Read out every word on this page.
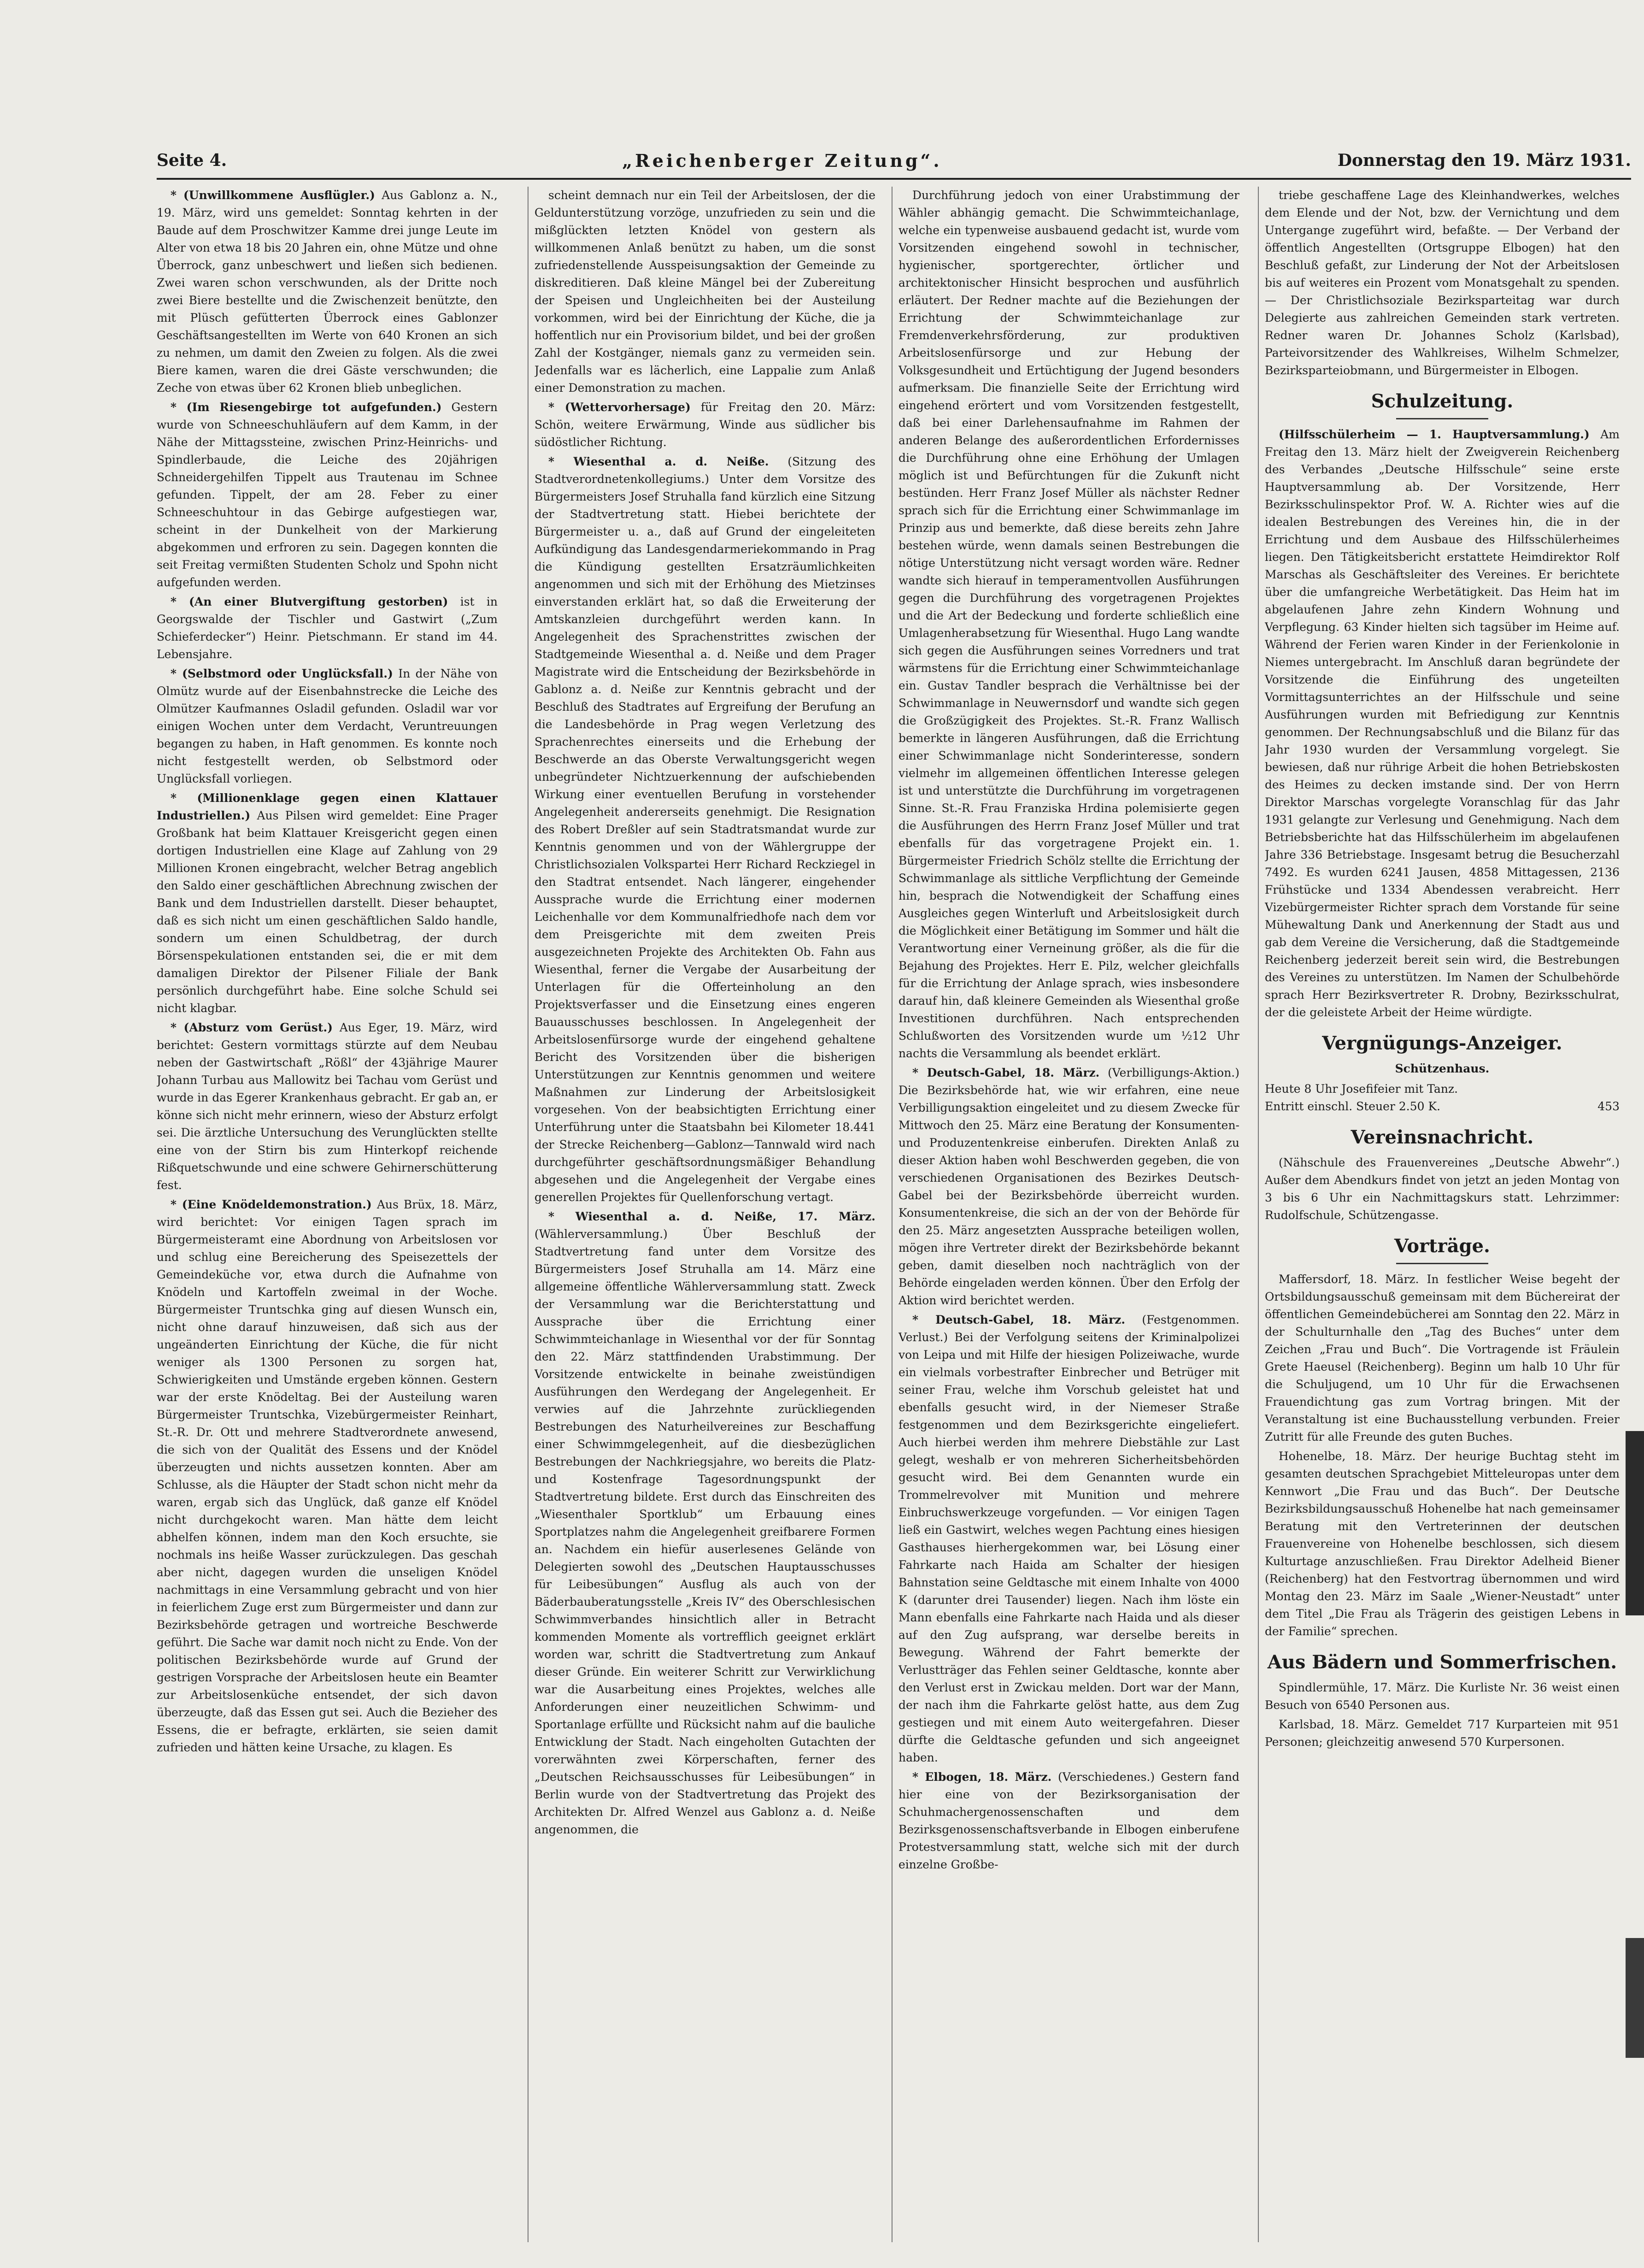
Seite 4.	„Reichenberger Zeitung“.	Donnerstag den 19. März 1931.

* (Unwillkommene Ausflügler.) Aus Gablonz a. N., 19. März, wird uns gemeldet: Sonntag kehrten in der Baude auf dem Proschwitzer Kamme drei junge Leute im Alter von etwa 18 bis 20 Jahren ein, ohne Mütze und ohne Überrock, ganz unbeschwert und ließen sich bedienen. Zwei waren schon verschwunden, als der Dritte noch zwei Biere bestellte und die Zwischenzeit benützte, den mit Plüsch gefütterten Überrock eines Gablonzer Geschäftsangestellten im Werte von 640 Kronen an sich zu nehmen, um damit den Zweien zu folgen. Als die zwei Biere kamen, waren die drei Gäste verschwunden; die Zeche von etwas über 62 Kronen blieb unbeglichen.

* (Im Riesengebirge tot aufgefunden.) Gestern wurde von Schneeschuhläufern auf dem Kamm, in der Nähe der Mittagssteine, zwischen Prinz-Heinrichs- und Spindlerbaude, die Leiche des 20jährigen Schneidergehilfen Tippelt aus Trautenau im Schnee gefunden. Tippelt, der am 28. Feber zu einer Schneeschuhtour in das Gebirge aufgestiegen war, scheint in der Dunkelheit von der Markierung abgekommen und erfroren zu sein. Dagegen konnten die seit Freitag vermißten Studenten Scholz und Spohn nicht aufgefunden werden.

* (An einer Blutvergiftung gestorben) ist in Georgswalde der Tischler und Gastwirt („Zum Schieferdecker“) Heinr. Pietschmann. Er stand im 44. Lebensjahre.

* (Selbstmord oder Unglücksfall.) In der Nähe von Olmütz wurde auf der Eisenbahnstrecke die Leiche des Olmützer Kaufmannes Osladil gefunden. Osladil war vor einigen Wochen unter dem Verdacht, Veruntreuungen begangen zu haben, in Haft genommen. Es konnte noch nicht festgestellt werden, ob Selbstmord oder Unglücksfall vorliegen.

* (Millionenklage gegen einen Klattauer Industriellen.) Aus Pilsen wird gemeldet: Eine Prager Großbank hat beim Klattauer Kreisgericht gegen einen dortigen Industriellen eine Klage auf Zahlung von 29 Millionen Kronen eingebracht, welcher Betrag angeblich den Saldo einer geschäftlichen Abrechnung zwischen der Bank und dem Industriellen darstellt. Dieser behauptet, daß es sich nicht um einen geschäftlichen Saldo handle, sondern um einen Schuldbetrag, der durch Börsenspekulationen entstanden sei, die er mit dem damaligen Direktor der Pilsener Filiale der Bank persönlich durchgeführt habe. Eine solche Schuld sei nicht klagbar.

* (Absturz vom Gerüst.) Aus Eger, 19. März, wird berichtet: Gestern vormittags stürzte auf dem Neubau neben der Gastwirtschaft „Rößl“ der 43jährige Maurer Johann Turbau aus Mallowitz bei Tachau vom Gerüst und wurde in das Egerer Krankenhaus gebracht. Er gab an, er könne sich nicht mehr erinnern, wieso der Absturz erfolgt sei. Die ärztliche Untersuchung des Verunglückten stellte eine von der Stirn bis zum Hinterkopf reichende Rißquetschwunde und eine schwere Gehirnerschütterung fest.

* (Eine Knödeldemonstration.) Aus Brüx, 18. März, wird berichtet: Vor einigen Tagen sprach im Bürgermeisteramt eine Abordnung von Arbeitslosen vor und schlug eine Bereicherung des Speisezettels der Gemeindeküche vor, etwa durch die Aufnahme von Knödeln und Kartoffeln zweimal in der Woche. Bürgermeister Truntschka ging auf diesen Wunsch ein, nicht ohne darauf hinzuweisen, daß sich aus der ungeänderten Einrichtung der Küche, die für nicht weniger als 1300 Personen zu sorgen hat, Schwierigkeiten und Umstände ergeben können. Gestern war der erste Knödeltag. Bei der Austeilung waren Bürgermeister Truntschka, Vizebürgermeister Reinhart, St.-R. Dr. Ott und mehrere Stadtverordnete anwesend, die sich von der Qualität des Essens und der Knödel überzeugten und nichts aussetzen konnten. Aber am Schlusse, als die Häupter der Stadt schon nicht mehr da waren, ergab sich das Unglück, daß ganze elf Knödel nicht durchgekocht waren. Man hätte dem leicht abhelfen können, indem man den Koch ersuchte, sie nochmals ins heiße Wasser zurückzulegen. Das geschah aber nicht, dagegen wurden die unseligen Knödel nachmittags in eine Versammlung gebracht und von hier in feierlichem Zuge erst zum Bürgermeister und dann zur Bezirksbehörde getragen und wortreiche Beschwerde geführt. Die Sache war damit noch nicht zu Ende. Von der politischen Bezirksbehörde wurde auf Grund der gestrigen Vorsprache der Arbeitslosen heute ein Beamter zur Arbeitslosenküche entsendet, der sich davon überzeugte, daß das Essen gut sei. Auch die Bezieher des Essens, die er befragte, erklärten, sie seien damit zufrieden und hätten keine Ursache, zu klagen. Es

scheint demnach nur ein Teil der Arbeitslosen, der die Geldunterstützung vorzöge, unzufrieden zu sein und die mißglückten letzten Knödel von gestern als willkommenen Anlaß benützt zu haben, um die sonst zufriedenstellende Ausspeisungsaktion der Gemeinde zu diskreditieren. Daß kleine Mängel bei der Zubereitung der Speisen und Ungleichheiten bei der Austeilung vorkommen, wird bei der Einrichtung der Küche, die ja hoffentlich nur ein Provisorium bildet, und bei der großen Zahl der Kostgänger, niemals ganz zu vermeiden sein. Jedenfalls war es lächerlich, eine Lappalie zum Anlaß einer Demonstration zu machen.

* (Wettervorhersage) für Freitag den 20. März: Schön, weitere Erwärmung, Winde aus südlicher bis südöstlicher Richtung.

* Wiesenthal a. d. Neiße. (Sitzung des Stadtverordnetenkollegiums.) Unter dem Vorsitze des Bürgermeisters Josef Struhalla fand kürzlich eine Sitzung der Stadtvertretung statt. Hiebei berichtete der Bürgermeister u. a., daß auf Grund der eingeleiteten Aufkündigung das Landesgendarmeriekommando in Prag die Kündigung gestellten Ersatzräumlichkeiten angenommen und sich mit der Erhöhung des Mietzinses einverstanden erklärt hat, so daß die Erweiterung der Amtskanzleien durchgeführt werden kann. In Angelegenheit des Sprachenstrittes zwischen der Stadtgemeinde Wiesenthal a. d. Neiße und dem Prager Magistrate wird die Entscheidung der Bezirksbehörde in Gablonz a. d. Neiße zur Kenntnis gebracht und der Beschluß des Stadtrates auf Ergreifung der Berufung an die Landesbehörde in Prag wegen Verletzung des Sprachenrechtes einerseits und die Erhebung der Beschwerde an das Oberste Verwaltungsgericht wegen unbegründeter Nichtzuerkennung der aufschiebenden Wirkung einer eventuellen Berufung in vorstehender Angelegenheit andererseits genehmigt. Die Resignation des Robert Dreßler auf sein Stadtratsmandat wurde zur Kenntnis genommen und von der Wählergruppe der Christlichsozialen Volkspartei Herr Richard Reckziegel in den Stadtrat entsendet. Nach längerer, eingehender Aussprache wurde die Errichtung einer modernen Leichenhalle vor dem Kommunalfriedhofe nach dem vor dem Preisgerichte mit dem zweiten Preis ausgezeichneten Projekte des Architekten Ob. Fahn aus Wiesenthal, ferner die Vergabe der Ausarbeitung der Unterlagen für die Offerteinholung an den Projektsverfasser und die Einsetzung eines engeren Bauausschusses beschlossen. In Angelegenheit der Arbeitslosenfürsorge wurde der eingehend gehaltene Bericht des Vorsitzenden über die bisherigen Unterstützungen zur Kenntnis genommen und weitere Maßnahmen zur Linderung der Arbeitslosigkeit vorgesehen. Von der beabsichtigten Errichtung einer Unterführung unter die Staatsbahn bei Kilometer 18.441 der Strecke Reichenberg—Gablonz—Tannwald wird nach durchgeführter geschäftsordnungsmäßiger Behandlung abgesehen und die Angelegenheit der Vergabe eines generellen Projektes für Quellenforschung vertagt.

* Wiesenthal a. d. Neiße, 17. März. (Wählerversammlung.) Über Beschluß der Stadtvertretung fand unter dem Vorsitze des Bürgermeisters Josef Struhalla am 14. März eine allgemeine öffentliche Wählerversammlung statt. Zweck der Versammlung war die Berichterstattung und Aussprache über die Errichtung einer Schwimmteichanlage in Wiesenthal vor der für Sonntag den 22. März stattfindenden Urabstimmung. Der Vorsitzende entwickelte in beinahe zweistündigen Ausführungen den Werdegang der Angelegenheit. Er verwies auf die Jahrzehnte zurückliegenden Bestrebungen des Naturheilvereines zur Beschaffung einer Schwimmgelegenheit, auf die diesbezüglichen Bestrebungen der Nachkriegsjahre, wo bereits die Platz- und Kostenfrage Tagesordnungspunkt der Stadtvertretung bildete. Erst durch das Einschreiten des „Wiesenthaler Sportklub“ um Erbauung eines Sportplatzes nahm die Angelegenheit greifbarere Formen an. Nachdem ein hiefür auserlesenes Gelände von Delegierten sowohl des „Deutschen Hauptausschusses für Leibesübungen“ Ausflug als auch von der Bäderbauberatungsstelle „Kreis IV“ des Oberschlesischen Schwimmverbandes hinsichtlich aller in Betracht kommenden Momente als vortrefflich geeignet erklärt worden war, schritt die Stadtvertretung zum Ankauf dieser Gründe. Ein weiterer Schritt zur Verwirklichung war die Ausarbeitung eines Projektes, welches alle Anforderungen einer neuzeitlichen Schwimm- und Sportanlage erfüllte und Rücksicht nahm auf die bauliche Entwicklung der Stadt. Nach eingeholten Gutachten der vorerwähnten zwei Körperschaften, ferner des „Deutschen Reichsausschusses für Leibesübungen“ in Berlin wurde von der Stadtvertretung das Projekt des Architekten Dr. Alfred Wenzel aus Gablonz a. d. Neiße angenommen, die

Durchführung jedoch von einer Urabstimmung der Wähler abhängig gemacht. Die Schwimmteichanlage, welche ein typenweise ausbauend gedacht ist, wurde vom Vorsitzenden eingehend sowohl in technischer, hygienischer, sportgerechter, örtlicher und architektonischer Hinsicht besprochen und ausführlich erläutert. Der Redner machte auf die Beziehungen der Errichtung der Schwimmteichanlage zur Fremdenverkehrsförderung, zur produktiven Arbeitslosenfürsorge und zur Hebung der Volksgesundheit und Ertüchtigung der Jugend besonders aufmerksam. Die finanzielle Seite der Errichtung wird eingehend erörtert und vom Vorsitzenden festgestellt, daß bei einer Darlehensaufnahme im Rahmen der anderen Belange des außerordentlichen Erfordernisses die Durchführung ohne eine Erhöhung der Umlagen möglich ist und Befürchtungen für die Zukunft nicht bestünden. Herr Franz Josef Müller als nächster Redner sprach sich für die Errichtung einer Schwimmanlage im Prinzip aus und bemerkte, daß diese bereits zehn Jahre bestehen würde, wenn damals seinen Bestrebungen die nötige Unterstützung nicht versagt worden wäre. Redner wandte sich hierauf in temperamentvollen Ausführungen gegen die Durchführung des vorgetragenen Projektes und die Art der Bedeckung und forderte schließlich eine Umlagenherabsetzung für Wiesenthal. Hugo Lang wandte sich gegen die Ausführungen seines Vorredners und trat wärmstens für die Errichtung einer Schwimmteichanlage ein. Gustav Tandler besprach die Verhältnisse bei der Schwimmanlage in Neuwernsdorf und wandte sich gegen die Großzügigkeit des Projektes. St.-R. Franz Wallisch bemerkte in längeren Ausführungen, daß die Errichtung einer Schwimmanlage nicht Sonderinteresse, sondern vielmehr im allgemeinen öffentlichen Interesse gelegen ist und unterstützte die Durchführung im vorgetragenen Sinne. St.-R. Frau Franziska Hrdina polemisierte gegen die Ausführungen des Herrn Franz Josef Müller und trat ebenfalls für das vorgetragene Projekt ein. 1. Bürgermeister Friedrich Schölz stellte die Errichtung der Schwimmanlage als sittliche Verpflichtung der Gemeinde hin, besprach die Notwendigkeit der Schaffung eines Ausgleiches gegen Winterluft und Arbeitslosigkeit durch die Möglichkeit einer Betätigung im Sommer und hält die Verantwortung einer Verneinung größer, als die für die Bejahung des Projektes. Herr E. Pilz, welcher gleichfalls für die Errichtung der Anlage sprach, wies insbesondere darauf hin, daß kleinere Gemeinden als Wiesenthal große Investitionen durchführen. Nach entsprechenden Schlußworten des Vorsitzenden wurde um ½12 Uhr nachts die Versammlung als beendet erklärt.

* Deutsch-Gabel, 18. März. (Verbilligungs-Aktion.) Die Bezirksbehörde hat, wie wir erfahren, eine neue Verbilligungsaktion eingeleitet und zu diesem Zwecke für Mittwoch den 25. März eine Beratung der Konsumenten- und Produzentenkreise einberufen. Direkten Anlaß zu dieser Aktion haben wohl Beschwerden gegeben, die von verschiedenen Organisationen des Bezirkes Deutsch-Gabel bei der Bezirksbehörde überreicht wurden. Konsumentenkreise, die sich an der von der Behörde für den 25. März angesetzten Aussprache beteiligen wollen, mögen ihre Vertreter direkt der Bezirksbehörde bekannt geben, damit dieselben noch nachträglich von der Behörde eingeladen werden können. Über den Erfolg der Aktion wird berichtet werden.

* Deutsch-Gabel, 18. März. (Festgenommen. Verlust.) Bei der Verfolgung seitens der Kriminalpolizei von Leipa und mit Hilfe der hiesigen Polizeiwache, wurde ein vielmals vorbestrafter Einbrecher und Betrüger mit seiner Frau, welche ihm Vorschub geleistet hat und ebenfalls gesucht wird, in der Niemeser Straße festgenommen und dem Bezirksgerichte eingeliefert. Auch hierbei werden ihm mehrere Diebstähle zur Last gelegt, weshalb er von mehreren Sicherheitsbehörden gesucht wird. Bei dem Genannten wurde ein Trommelrevolver mit Munition und mehrere Einbruchswerkzeuge vorgefunden. — Vor einigen Tagen ließ ein Gastwirt, welches wegen Pachtung eines hiesigen Gasthauses hierhergekommen war, bei Lösung einer Fahrkarte nach Haida am Schalter der hiesigen Bahnstation seine Geldtasche mit einem Inhalte von 4000 K (darunter drei Tausender) liegen. Nach ihm löste ein Mann ebenfalls eine Fahrkarte nach Haida und als dieser auf den Zug aufsprang, war derselbe bereits in Bewegung. Während der Fahrt bemerkte der Verlustträger das Fehlen seiner Geldtasche, konnte aber den Verlust erst in Zwickau melden. Dort war der Mann, der nach ihm die Fahrkarte gelöst hatte, aus dem Zug gestiegen und mit einem Auto weitergefahren. Dieser dürfte die Geldtasche gefunden und sich angeeignet haben.

* Elbogen, 18. März. (Verschiedenes.) Gestern fand hier eine von der Bezirksorganisation der Schuhmachergenossenschaften und dem Bezirksgenossenschaftsverbande in Elbogen einberufene Protestversammlung statt, welche sich mit der durch einzelne Großbe-

triebe geschaffene Lage des Kleinhandwerkes, welches dem Elende und der Not, bzw. der Vernichtung und dem Untergange zugeführt wird, befaßte. — Der Verband der öffentlich Angestellten (Ortsgruppe Elbogen) hat den Beschluß gefaßt, zur Linderung der Not der Arbeitslosen bis auf weiteres ein Prozent vom Monatsgehalt zu spenden. — Der Christlichsoziale Bezirksparteitag war durch Delegierte aus zahlreichen Gemeinden stark vertreten. Redner waren Dr. Johannes Scholz (Karlsbad), Parteivorsitzender des Wahlkreises, Wilhelm Schmelzer, Bezirksparteiobmann, und Bürgermeister in Elbogen.

Schulzeitung.

(Hilfsschülerheim — 1. Hauptversammlung.) Am Freitag den 13. März hielt der Zweigverein Reichenberg des Verbandes „Deutsche Hilfsschule“ seine erste Hauptversammlung ab. Der Vorsitzende, Herr Bezirksschulinspektor Prof. W. A. Richter wies auf die idealen Bestrebungen des Vereines hin, die in der Errichtung und dem Ausbaue des Hilfsschülerheimes liegen. Den Tätigkeitsbericht erstattete Heimdirektor Rolf Marschas als Geschäftsleiter des Vereines. Er berichtete über die umfangreiche Werbetätigkeit. Das Heim hat im abgelaufenen Jahre zehn Kindern Wohnung und Verpflegung. 63 Kinder hielten sich tagsüber im Heime auf. Während der Ferien waren Kinder in der Ferienkolonie in Niemes untergebracht. Im Anschluß daran begründete der Vorsitzende die Einführung des ungeteilten Vormittagsunterrichtes an der Hilfsschule und seine Ausführungen wurden mit Befriedigung zur Kenntnis genommen. Der Rechnungsabschluß und die Bilanz für das Jahr 1930 wurden der Versammlung vorgelegt. Sie bewiesen, daß nur rührige Arbeit die hohen Betriebskosten des Heimes zu decken imstande sind. Der von Herrn Direktor Marschas vorgelegte Voranschlag für das Jahr 1931 gelangte zur Verlesung und Genehmigung. Nach dem Betriebsberichte hat das Hilfsschülerheim im abgelaufenen Jahre 336 Betriebstage. Insgesamt betrug die Besucherzahl 7492. Es wurden 6241 Jausen, 4858 Mittagessen, 2136 Frühstücke und 1334 Abendessen verabreicht. Herr Vizebürgermeister Richter sprach dem Vorstande für seine Mühewaltung Dank und Anerkennung der Stadt aus und gab dem Vereine die Versicherung, daß die Stadtgemeinde Reichenberg jederzeit bereit sein wird, die Bestrebungen des Vereines zu unterstützen. Im Namen der Schulbehörde sprach Herr Bezirksvertreter R. Drobny, Bezirksschulrat, der die geleistete Arbeit der Heime würdigte.

Vergnügungs-Anzeiger.
Schützenhaus.
Heute 8 Uhr Josefifeier mit Tanz.
Entritt einschl. Steuer 2.50 K.	453
Vereinsnachricht.

(Nähschule des Frauenvereines „Deutsche Abwehr“.) Außer dem Abendkurs findet von jetzt an jeden Montag von 3 bis 6 Uhr ein Nachmittagskurs statt. Lehrzimmer: Rudolfschule, Schützengasse.

Vorträge.

Maffersdorf, 18. März. In festlicher Weise begeht der Ortsbildungsausschuß gemeinsam mit dem Büchereirat der öffentlichen Gemeindebücherei am Sonntag den 22. März in der Schulturnhalle den „Tag des Buches“ unter dem Zeichen „Frau und Buch“. Die Vortragende ist Fräulein Grete Haeusel (Reichenberg). Beginn um halb 10 Uhr für die Schuljugend, um 10 Uhr für die Erwachsenen Frauendichtung gas zum Vortrag bringen. Mit der Veranstaltung ist eine Buchausstellung verbunden. Freier Zutritt für alle Freunde des guten Buches.

Hohenelbe, 18. März. Der heurige Buchtag steht im gesamten deutschen Sprachgebiet Mitteleuropas unter dem Kennwort „Die Frau und das Buch“. Der Deutsche Bezirksbildungsausschuß Hohenelbe hat nach gemeinsamer Beratung mit den Vertreterinnen der deutschen Frauenvereine von Hohenelbe beschlossen, sich diesem Kulturtage anzuschließen. Frau Direktor Adelheid Biener (Reichenberg) hat den Festvortrag übernommen und wird Montag den 23. März im Saale „Wiener-Neustadt“ unter dem Titel „Die Frau als Trägerin des geistigen Lebens in der Familie“ sprechen.

Aus Bädern und Sommerfrischen.

Spindlermühle, 17. März. Die Kurliste Nr. 36 weist einen Besuch von 6540 Personen aus.

Karlsbad, 18. März. Gemeldet 717 Kurparteien mit 951 Personen; gleichzeitig anwesend 570 Kurpersonen.
